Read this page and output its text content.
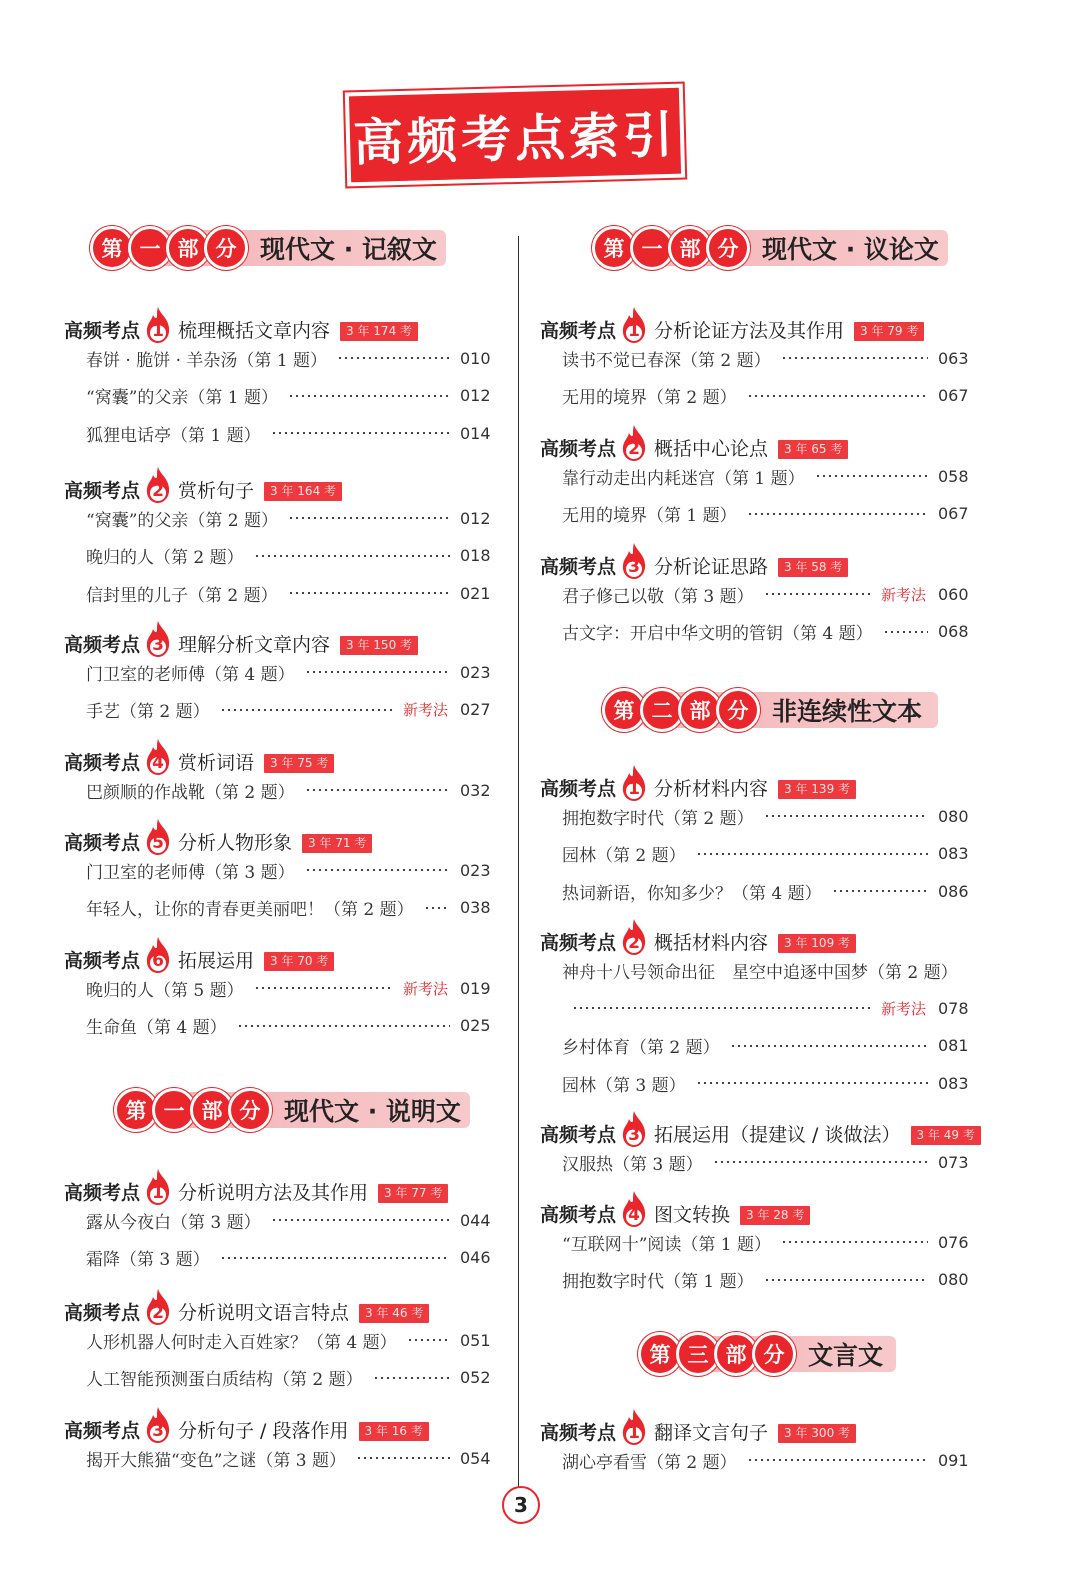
高频考点索引
第 一 部 分 现代文 · 记叙文
高频考点 1 梳理概括文章内容	3 年 174 考
春饼 · 脆饼 · 羊杂汤（第 1 题）	010
“窝囊”的父亲（第 1 题）	012
狐狸电话亭（第 1 题）	014
高频考点 2 赏析句子	3 年 164 考
“窝囊”的父亲（第 2 题）	012
晚归的人（第 2 题）	018
信封里的儿子（第 2 题）	021
高频考点 3 理解分析文章内容	3 年 150 考
门卫室的老师傅（第 4 题）	023
手艺（第 2 题）	新考法 027
高频考点 4 赏析词语	3 年 75 考
巴颜顺的作战靴（第 2 题）	032
高频考点 5 分析人物形象	3 年 71 考
门卫室的老师傅（第 3 题）	023
年轻人，让你的青春更美丽吧！（第 2 题）	038
高频考点 6 拓展运用	3 年 70 考
晚归的人（第 5 题）	新考法 019
生命鱼（第 4 题）	025
第 一 部 分 现代文 · 说明文
高频考点 1 分析说明方法及其作用	3 年 77 考
露从今夜白（第 3 题）	044
霜降（第 3 题）	046
高频考点 2 分析说明文语言特点	3 年 46 考
人形机器人何时走入百姓家？（第 4 题）	051
人工智能预测蛋白质结构（第 2 题）	052
高频考点 3 分析句子 / 段落作用	3 年 16 考
揭开大熊猫“变色”之谜（第 3 题）	054
第 一 部 分 现代文 · 议论文
高频考点 1 分析论证方法及其作用	3 年 79 考
读书不觉已春深（第 2 题）	063
无用的境界（第 2 题）	067
高频考点 2 概括中心论点	3 年 65 考
靠行动走出内耗迷宫（第 1 题）	058
无用的境界（第 1 题）	067
高频考点 3 分析论证思路	3 年 58 考
君子修己以敬（第 3 题）	新考法 060
古文字：开启中华文明的管钥（第 4 题）	068
第 二 部 分 非连续性文本
高频考点 1 分析材料内容	3 年 139 考
拥抱数字时代（第 2 题）	080
园林（第 2 题）	083
热词新语，你知多少？（第 4 题）	086
高频考点 2 概括材料内容	3 年 109 考
神舟十八号领命出征　星空中追逐中国梦（第 2 题）
新考法 078
乡村体育（第 2 题）	081
园林（第 3 题）	083
高频考点 3 拓展运用（提建议 / 谈做法）	3 年 49 考
汉服热（第 3 题）	073
高频考点 4 图文转换	3 年 28 考
“互联网十”阅读（第 1 题）	076
拥抱数字时代（第 1 题）	080
第 三 部 分 文言文
高频考点 1 翻译文言句子	3 年 300 考
湖心亭看雪（第 2 题）	091
3
